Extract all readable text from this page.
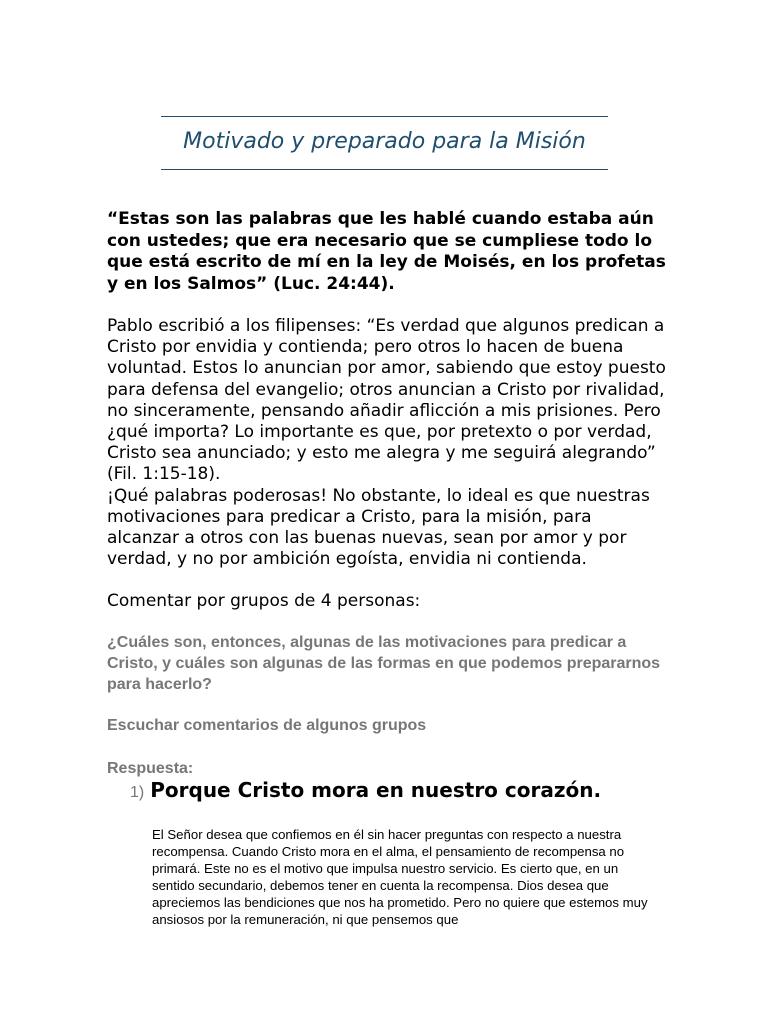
Motivado y preparado para la Misión

“Estas son las palabras que les hablé cuando estaba aún con ustedes; que era necesario que se cumpliese todo lo que está escrito de mí en la ley de Moisés, en los profetas y en los Salmos” (Luc. 24:44).

Pablo escribió a los filipenses: “Es verdad que algunos predican a Cristo por envidia y contienda; pero otros lo hacen de buena voluntad. Estos lo anuncian por amor, sabiendo que estoy puesto para defensa del evangelio; otros anuncian a Cristo por rivalidad, no sinceramente, pensando añadir aflicción a mis prisiones. Pero ¿qué importa? Lo importante es que, por pretexto o por verdad, Cristo sea anunciado; y esto me alegra y me seguirá alegrando” (Fil. 1:15-18).

¡Qué palabras poderosas! No obstante, lo ideal es que nuestras motivaciones para predicar a Cristo, para la misión, para alcanzar a otros con las buenas nuevas, sean por amor y por verdad, y no por ambición egoísta, envidia ni contienda.

Comentar por grupos de 4 personas:

¿Cuáles son, entonces, algunas de las motivaciones para predicar a Cristo, y cuáles son algunas de las formas en que podemos prepararnos para hacerlo?

Escuchar comentarios de algunos grupos

Respuesta:

1) Porque Cristo mora en nuestro corazón.

El Señor desea que confiemos en él sin hacer preguntas con respecto a nuestra recompensa. Cuando Cristo mora en el alma, el pensamiento de recompensa no primará. Este no es el motivo que impulsa nuestro servicio. Es cierto que, en un sentido secundario, debemos tener en cuenta la recompensa. Dios desea que apreciemos las bendiciones que nos ha prometido. Pero no quiere que estemos muy ansiosos por la remuneración, ni que pensemos que
